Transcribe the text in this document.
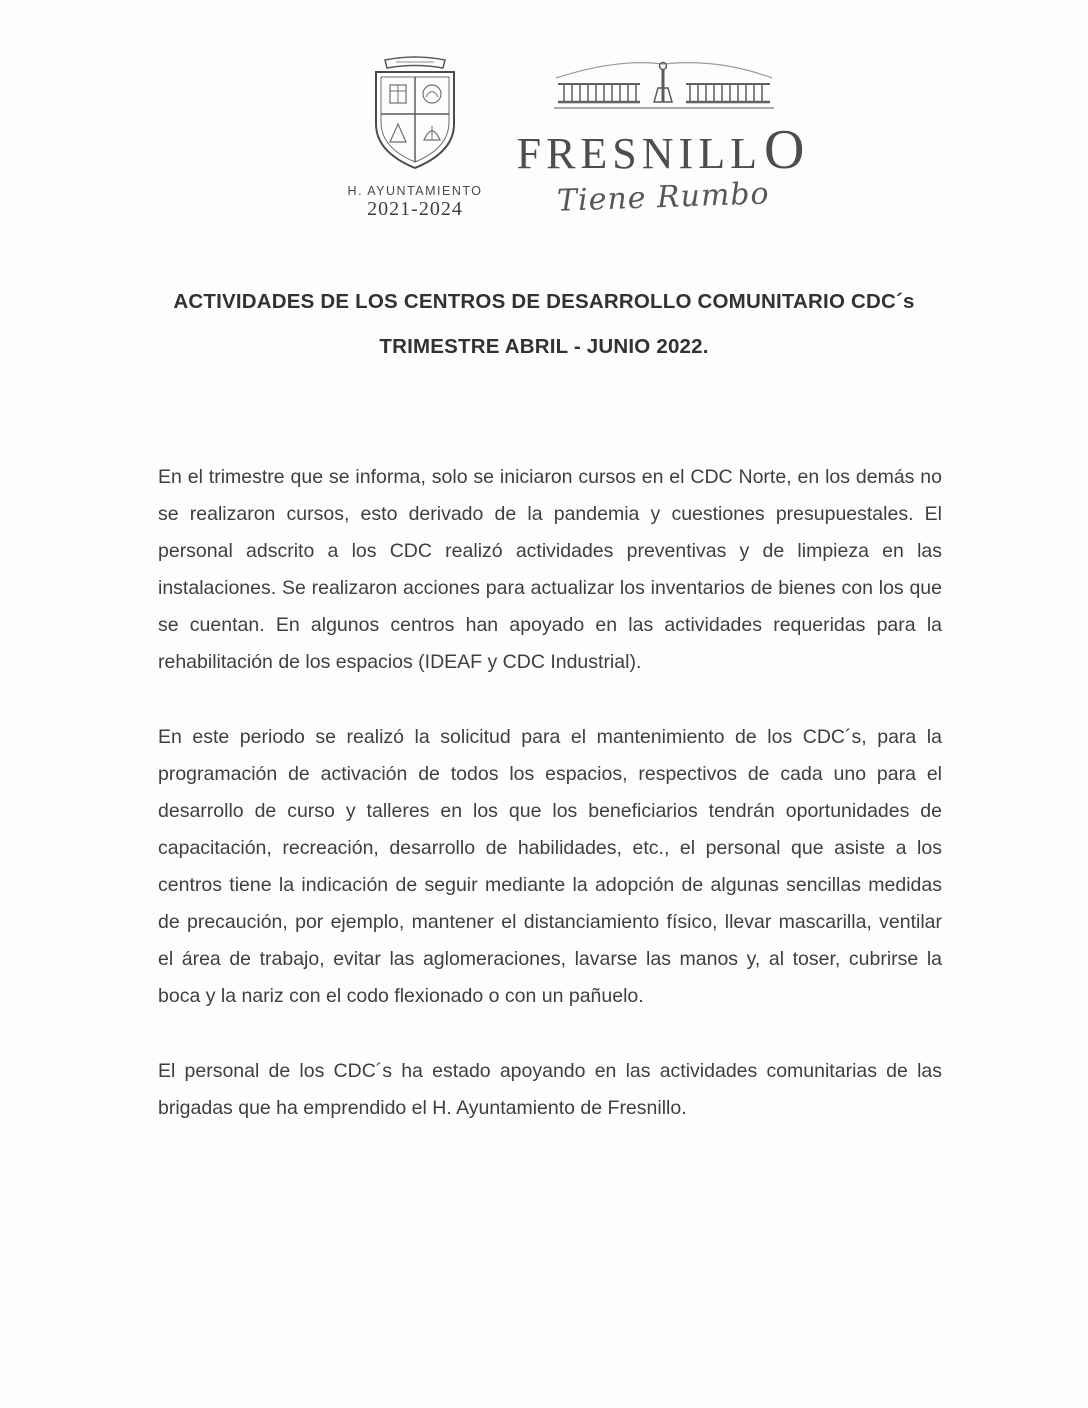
H. AYUNTAMIENTO
2021-2024
FRESNILL O
Tiene Rumbo
ACTIVIDADES DE LOS CENTROS DE DESARROLLO COMUNITARIO CDC´s
TRIMESTRE ABRIL - JUNIO 2022.

En el trimestre que se informa, solo se iniciaron cursos en el CDC Norte, en los demás no se realizaron cursos, esto derivado de la pandemia y cuestiones presupuestales. El personal adscrito a los CDC realizó actividades preventivas y de limpieza en las instalaciones. Se realizaron acciones para actualizar los inventarios de bienes con los que se cuentan. En algunos centros han apoyado en las actividades requeridas para la rehabilitación de los espacios (IDEAF y CDC Industrial).

En este periodo se realizó la solicitud para el mantenimiento de los CDC´s, para la programación de activación de todos los espacios, respectivos de cada uno para el desarrollo de curso y talleres en los que los beneficiarios tendrán oportunidades de capacitación, recreación, desarrollo de habilidades, etc., el personal que asiste a los centros tiene la indicación de seguir mediante la adopción de algunas sencillas medidas de precaución, por ejemplo, mantener el distanciamiento físico, llevar mascarilla, ventilar el área de trabajo, evitar las aglomeraciones, lavarse las manos y, al toser, cubrirse la boca y la nariz con el codo flexionado o con un pañuelo.

El personal de los CDC´s ha estado apoyando en las actividades comunitarias de las brigadas que ha emprendido el H. Ayuntamiento de Fresnillo.
